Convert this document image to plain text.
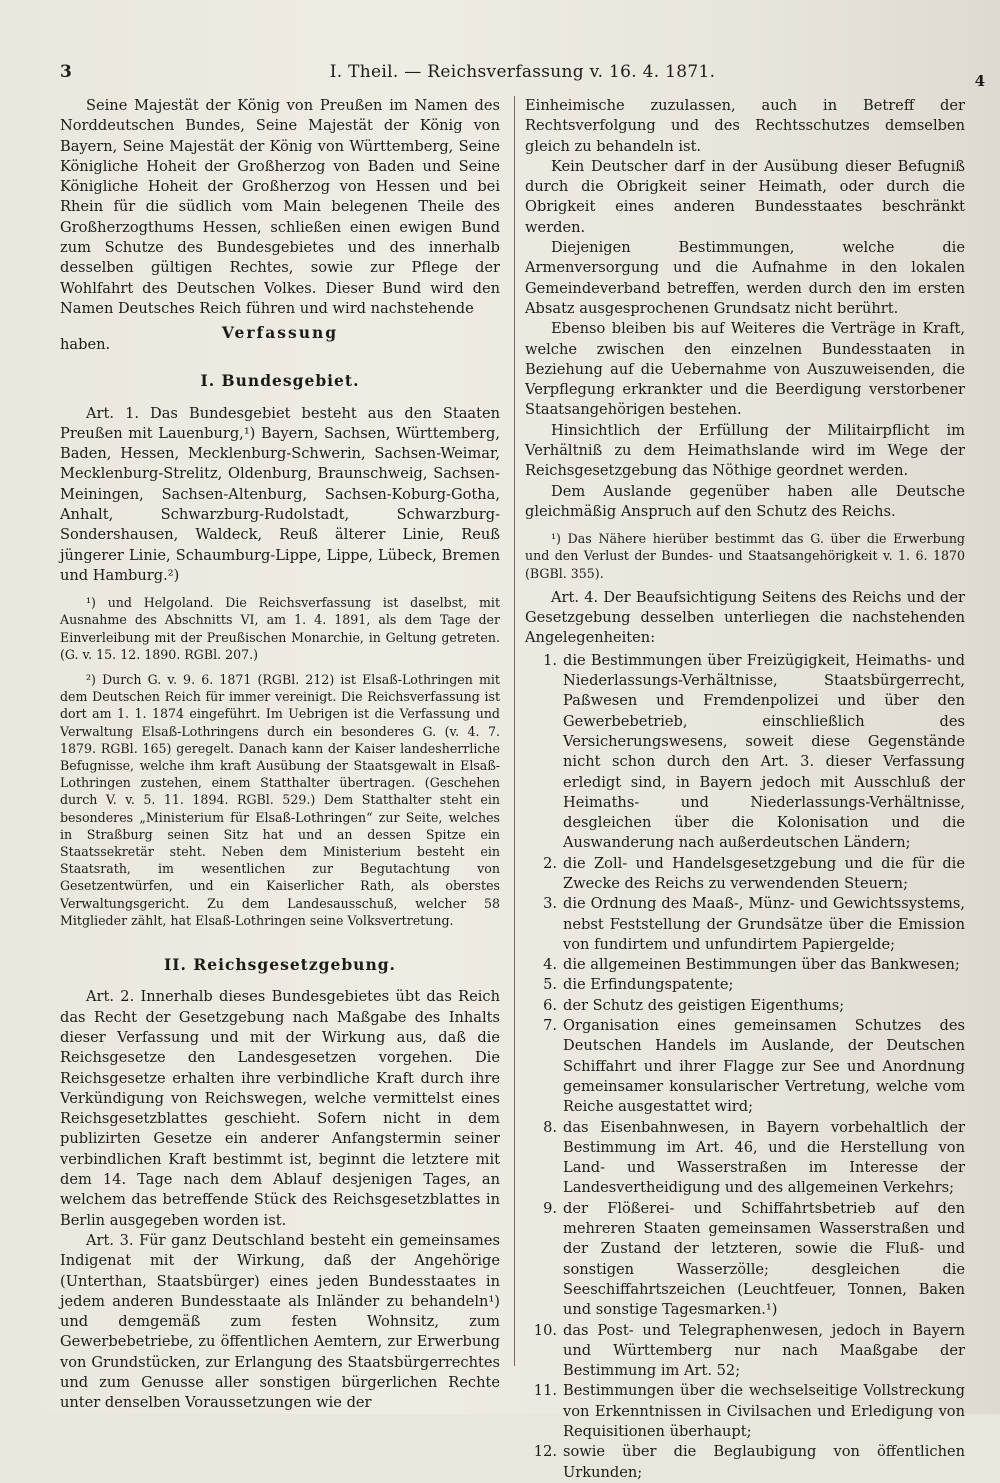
3	I. Theil. — Reichsverfassung v. 16. 4. 1871.	4

Seine Majestät der König von Preußen im Namen des Norddeutschen Bundes, Seine Majestät der König von Bayern, Seine Majestät der König von Württemberg, Seine Königliche Hoheit der Großherzog von Baden und Seine Königliche Hoheit der Großherzog von Hessen und bei Rhein für die südlich vom Main belegenen Theile des Großherzogthums Hessen, schließen einen ewigen Bund zum Schutze des Bundesgebietes und des innerhalb desselben gültigen Rechtes, sowie zur Pflege der Wohlfahrt des Deutschen Volkes. Dieser Bund wird den Namen Deutsches Reich führen und wird nachstehende

haben.
Verfassung
I. Bundesgebiet.

Art. 1. Das Bundesgebiet besteht aus den Staaten Preußen mit Lauenburg,¹) Bayern, Sachsen, Württemberg, Baden, Hessen, Mecklenburg-Schwerin, Sachsen-Weimar, Mecklenburg-Strelitz, Oldenburg, Braunschweig, Sachsen-Meiningen, Sachsen-Altenburg, Sachsen-Koburg-Gotha, Anhalt, Schwarzburg-Rudolstadt, Schwarzburg-Sondershausen, Waldeck, Reuß älterer Linie, Reuß jüngerer Linie, Schaumburg-Lippe, Lippe, Lübeck, Bremen und Hamburg.²)

¹) und Helgoland. Die Reichsverfassung ist daselbst, mit Ausnahme des Abschnitts VI, am 1. 4. 1891, als dem Tage der Einverleibung mit der Preußischen Monarchie, in Geltung getreten. (G. v. 15. 12. 1890. RGBl. 207.)

²) Durch G. v. 9. 6. 1871 (RGBl. 212) ist Elsaß-Lothringen mit dem Deutschen Reich für immer vereinigt. Die Reichsverfassung ist dort am 1. 1. 1874 eingeführt. Im Uebrigen ist die Verfassung und Verwaltung Elsaß-Lothringens durch ein besonderes G. (v. 4. 7. 1879. RGBl. 165) geregelt. Danach kann der Kaiser landesherrliche Befugnisse, welche ihm kraft Ausübung der Staatsgewalt in Elsaß-Lothringen zustehen, einem Statthalter übertragen. (Geschehen durch V. v. 5. 11. 1894. RGBl. 529.) Dem Statthalter steht ein besonderes „Ministerium für Elsaß-Lothringen“ zur Seite, welches in Straßburg seinen Sitz hat und an dessen Spitze ein Staatssekretär steht. Neben dem Ministerium besteht ein Staatsrath, im wesentlichen zur Begutachtung von Gesetzentwürfen, und ein Kaiserlicher Rath, als oberstes Verwaltungsgericht. Zu dem Landesausschuß, welcher 58 Mitglieder zählt, hat Elsaß-Lothringen seine Volksvertretung.

II. Reichsgesetzgebung.

Art. 2. Innerhalb dieses Bundesgebietes übt das Reich das Recht der Gesetzgebung nach Maßgabe des Inhalts dieser Verfassung und mit der Wirkung aus, daß die Reichsgesetze den Landesgesetzen vorgehen. Die Reichsgesetze erhalten ihre verbindliche Kraft durch ihre Verkündigung von Reichswegen, welche vermittelst eines Reichsgesetzblattes geschieht. Sofern nicht in dem publizirten Gesetze ein anderer Anfangstermin seiner verbindlichen Kraft bestimmt ist, beginnt die letztere mit dem 14. Tage nach dem Ablauf desjenigen Tages, an welchem das betreffende Stück des Reichsgesetzblattes in Berlin ausgegeben worden ist.

Art. 3. Für ganz Deutschland besteht ein gemeinsames Indigenat mit der Wirkung, daß der Angehörige (Unterthan, Staatsbürger) eines jeden Bundesstaates in jedem anderen Bundesstaate als Inländer zu behandeln¹) und demgemäß zum festen Wohnsitz, zum Gewerbebetriebe, zu öffentlichen Aemtern, zur Erwerbung von Grundstücken, zur Erlangung des Staatsbürgerrechtes und zum Genusse aller sonstigen bürgerlichen Rechte unter denselben Voraussetzungen wie der

Einheimische zuzulassen, auch in Betreff der Rechtsverfolgung und des Rechtsschutzes demselben gleich zu behandeln ist.

Kein Deutscher darf in der Ausübung dieser Befugniß durch die Obrigkeit seiner Heimath, oder durch die Obrigkeit eines anderen Bundesstaates beschränkt werden.

Diejenigen Bestimmungen, welche die Armenversorgung und die Aufnahme in den lokalen Gemeindeverband betreffen, werden durch den im ersten Absatz ausgesprochenen Grundsatz nicht berührt.

Ebenso bleiben bis auf Weiteres die Verträge in Kraft, welche zwischen den einzelnen Bundesstaaten in Beziehung auf die Uebernahme von Auszuweisenden, die Verpflegung erkrankter und die Beerdigung verstorbener Staatsangehörigen bestehen.

Hinsichtlich der Erfüllung der Militairpflicht im Verhältniß zu dem Heimathslande wird im Wege der Reichsgesetzgebung das Nöthige geordnet werden.

Dem Auslande gegenüber haben alle Deutsche gleichmäßig Anspruch auf den Schutz des Reichs.

¹) Das Nähere hierüber bestimmt das G. über die Erwerbung und den Verlust der Bundes- und Staatsangehörigkeit v. 1. 6. 1870 (BGBl. 355).

Art. 4. Der Beaufsichtigung Seitens des Reichs und der Gesetzgebung desselben unterliegen die nachstehenden Angelegenheiten:

1. die Bestimmungen über Freizügigkeit, Heimaths- und Niederlassungs-Verhältnisse, Staatsbürgerrecht, Paßwesen und Fremdenpolizei und über den Gewerbebetrieb, einschließlich des Versicherungswesens, soweit diese Gegenstände nicht schon durch den Art. 3. dieser Verfassung erledigt sind, in Bayern jedoch mit Ausschluß der Heimaths- und Niederlassungs-Verhältnisse, desgleichen über die Kolonisation und die Auswanderung nach außerdeutschen Ländern;
2. die Zoll- und Handelsgesetzgebung und die für die Zwecke des Reichs zu verwendenden Steuern;
3. die Ordnung des Maaß-, Münz- und Gewichtssystems, nebst Feststellung der Grundsätze über die Emission von fundirtem und unfundirtem Papiergelde;
4. die allgemeinen Bestimmungen über das Bankwesen;
5. die Erfindungspatente;
6. der Schutz des geistigen Eigenthums;
7. Organisation eines gemeinsamen Schutzes des Deutschen Handels im Auslande, der Deutschen Schiffahrt und ihrer Flagge zur See und Anordnung gemeinsamer konsularischer Vertretung, welche vom Reiche ausgestattet wird;
8. das Eisenbahnwesen, in Bayern vorbehaltlich der Bestimmung im Art. 46, und die Herstellung von Land- und Wasserstraßen im Interesse der Landesvertheidigung und des allgemeinen Verkehrs;
9. der Flößerei- und Schiffahrtsbetrieb auf den mehreren Staaten gemeinsamen Wasserstraßen und der Zustand der letzteren, sowie die Fluß- und sonstigen Wasserzölle; desgleichen die Seeschiffahrtszeichen (Leuchtfeuer, Tonnen, Baken und sonstige Tagesmarken.¹)
10. das Post- und Telegraphenwesen, jedoch in Bayern und Württemberg nur nach Maaßgabe der Bestimmung im Art. 52;
11. Bestimmungen über die wechselseitige Vollstreckung von Erkenntnissen in Civilsachen und Erledigung von Requisitionen überhaupt;
12. sowie über die Beglaubigung von öffentlichen Urkunden;
